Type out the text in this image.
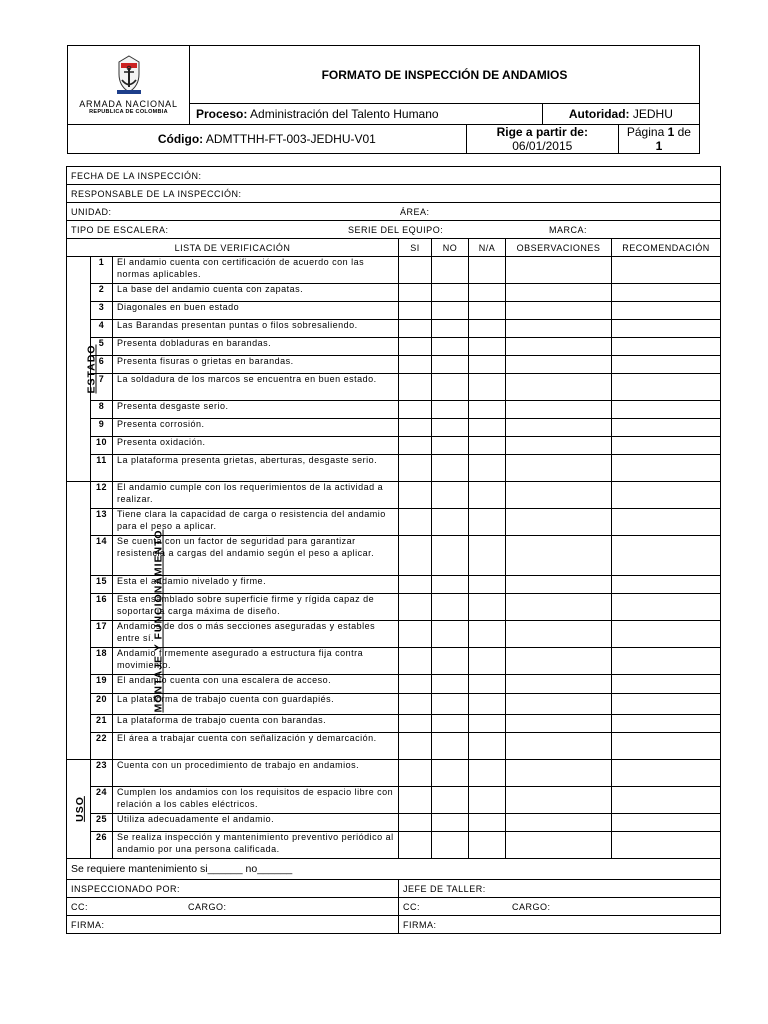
ARMADA NACIONAL
REPUBLICA DE COLOMBIA	FORMATO DE INSPECCIÓN DE ANDAMIOS			
	Proceso: Administración del Talento Humano		Autoridad: JEDHU	
Código: ADMTTHH-FT-003-JEDHU-V01		Rige a partir de: 06/01/2015		Página 1 de 1
FECHA DE LA INSPECCIÓN:							
RESPONSABLE DE LA INSPECCIÓN:							
UNIDAD: ÁREA:							

TIPO DE ESCALERA: SERIE DEL EQUIPO: MARCA:							

LISTA DE VERIFICACIÓN			SI	NO	N/A	OBSERVACIONES	RECOMENDACIÓN
ESTADO	1	El andamio cuenta con certificación de acuerdo con las normas aplicables.					
	2	La base del andamio cuenta con zapatas.					
	3	Diagonales en buen estado					
	4	Las Barandas presentan puntas o filos sobresaliendo.					
	5	Presenta dobladuras en barandas.					
	6	Presenta fisuras o grietas en barandas.					
	7	La soldadura de los marcos se encuentra en buen estado.					
	8	Presenta desgaste serio.					
	9	Presenta corrosión.					
	10	Presenta oxidación.					
	11	La plataforma presenta grietas, aberturas, desgaste serio.					
MONTAJE Y FUNCIONAMIENTO	12	El andamio cumple con los requerimientos de la actividad a realizar.					
	13	Tiene clara la capacidad de carga o resistencia del andamio para el peso a aplicar.					
	14	Se cuenta con un factor de seguridad para garantizar resistencia a cargas del andamio según el peso a aplicar.					
	15	Esta el andamio nivelado y firme.					
	16	Esta ensamblado sobre superficie firme y rígida capaz de soportar la carga máxima de diseño.					
	17	Andamios de dos o más secciones aseguradas y estables entre sí.					
	18	Andamio firmemente asegurado a estructura fija contra movimiento.					
	19	El andamio cuenta con una escalera de acceso.					
	20	La plataforma de trabajo cuenta con guardapiés.					
	21	La plataforma de trabajo cuenta con barandas.					
	22	El área a trabajar cuenta con señalización y demarcación.					
USO	23	Cuenta con un procedimiento de trabajo en andamios.					
	24	Cumplen los andamios con los requisitos de espacio libre con relación a los cables eléctricos.					
	25	Utiliza adecuadamente el andamio.					
	26	Se realiza inspección y mantenimiento preventivo periódico al andamio por una persona calificada.					
Se requiere mantenimiento si______ no______							
INSPECCIONADO POR:			JEFE DE TALLER:				
CC: CARGO:			CC: CARGO:				
FIRMA:			FIRMA:				
